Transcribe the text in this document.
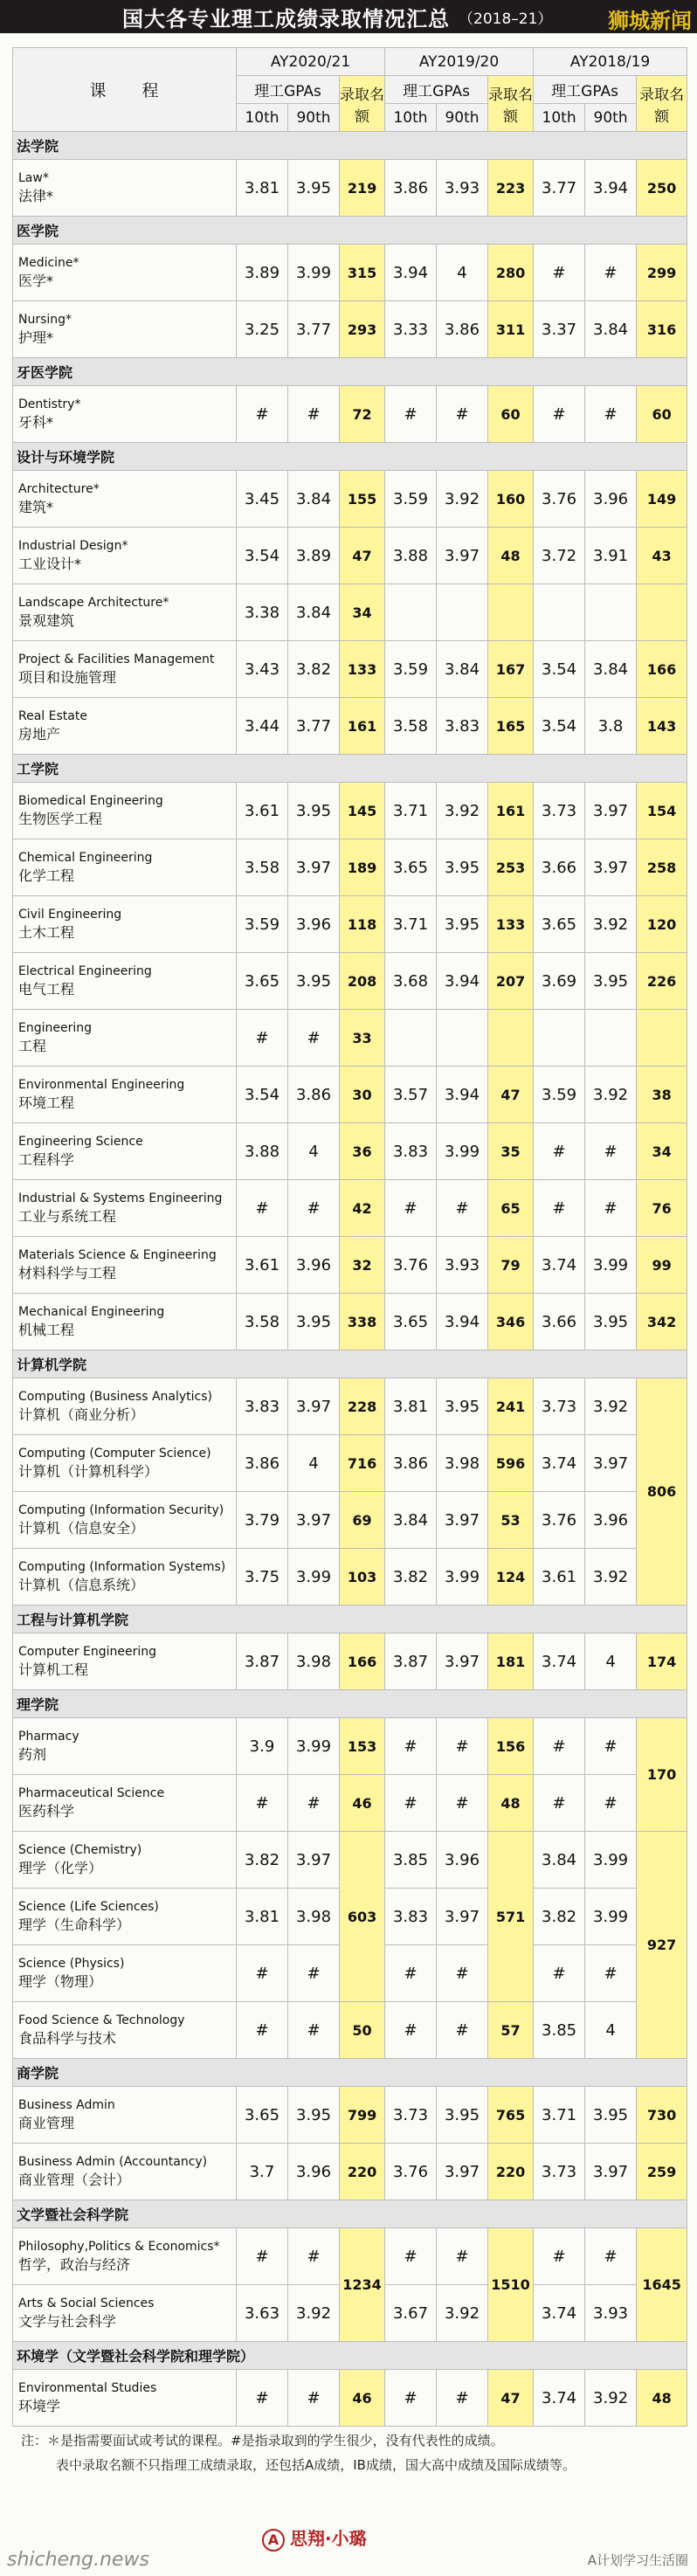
国大各专业理工成绩录取情况汇总 （2018–21）	狮城新闻
课　　程	AY2020/21			AY2019/20			AY2018/19		
	理工GPAs		录取名额	理工GPAs		录取名额	理工GPAs		录取名额
	10th	90th		10th	90th		10th	90th	
法学院									

Law*
法律*	3.81	3.95	219	3.86	3.93	223	3.77	3.94	250
医学院									

Medicine*
医学*	3.89	3.99	315	3.94	4	280	#	#	299

Nursing*
护理*	3.25	3.77	293	3.33	3.86	311	3.37	3.84	316
牙医学院									

Dentistry*
牙科*	#	#	72	#	#	60	#	#	60
设计与环境学院									

Architecture*
建筑*	3.45	3.84	155	3.59	3.92	160	3.76	3.96	149

Industrial Design*
工业设计*	3.54	3.89	47	3.88	3.97	48	3.72	3.91	43

Landscape Architecture*
景观建筑	3.38	3.84	34						

Project & Facilities Management
项目和设施管理	3.43	3.82	133	3.59	3.84	167	3.54	3.84	166

Real Estate
房地产	3.44	3.77	161	3.58	3.83	165	3.54	3.8	143
工学院									

Biomedical Engineering
生物医学工程	3.61	3.95	145	3.71	3.92	161	3.73	3.97	154

Chemical Engineering
化学工程	3.58	3.97	189	3.65	3.95	253	3.66	3.97	258

Civil Engineering
土木工程	3.59	3.96	118	3.71	3.95	133	3.65	3.92	120

Electrical Engineering
电气工程	3.65	3.95	208	3.68	3.94	207	3.69	3.95	226

Engineering
工程	#	#	33						

Environmental Engineering
环境工程	3.54	3.86	30	3.57	3.94	47	3.59	3.92	38

Engineering Science
工程科学	3.88	4	36	3.83	3.99	35	#	#	34

Industrial & Systems Engineering
工业与系统工程	#	#	42	#	#	65	#	#	76

Materials Science & Engineering
材料科学与工程	3.61	3.96	32	3.76	3.93	79	3.74	3.99	99

Mechanical Engineering
机械工程	3.58	3.95	338	3.65	3.94	346	3.66	3.95	342
计算机学院									

Computing (Business Analytics)
计算机（商业分析）	3.83	3.97	228	3.81	3.95	241	3.73	3.92	806

Computing (Computer Science)
计算机（计算机科学）	3.86	4	716	3.86	3.98	596	3.74	3.97	

Computing (Information Security)
计算机（信息安全）	3.79	3.97	69	3.84	3.97	53	3.76	3.96	

Computing (Information Systems)
计算机（信息系统）	3.75	3.99	103	3.82	3.99	124	3.61	3.92	
工程与计算机学院									

Computer Engineering
计算机工程	3.87	3.98	166	3.87	3.97	181	3.74	4	174
理学院									

Pharmacy
药剂	3.9	3.99	153	#	#	156	#	#	170

Pharmaceutical Science
医药科学	#	#	46	#	#	48	#	#	

Science (Chemistry)
理学（化学）	3.82	3.97	603	3.85	3.96	571	3.84	3.99	927

Science (Life Sciences)
理学（生命科学）	3.81	3.98		3.83	3.97		3.82	3.99	

Science (Physics)
理学（物理）	#	#		#	#		#	#	

Food Science & Technology
食品科学与技术	#	#	50	#	#	57	3.85	4	
商学院									

Business Admin
商业管理	3.65	3.95	799	3.73	3.95	765	3.71	3.95	730

Business Admin (Accountancy)
商业管理（会计）	3.7	3.96	220	3.76	3.97	220	3.73	3.97	259
文学暨社会科学院									

Philosophy,Politics & Economics*
哲学，政治与经济	#	#	1234	#	#	1510	#	#	1645

Arts & Social Sciences
文学与社会科学	3.63	3.92		3.67	3.92		3.74	3.93	
环境学（文学暨社会科学院和理学院）									

Environmental Studies
环境学	#	#	46	#	#	47	3.74	3.92	48
注：＊是指需要面试或考试的课程。#是指录取到的学生很少，没有代表性的成绩。
表中录取名额不只指理工成绩录取，还包括A成绩，IB成绩，国大高中成绩及国际成绩等。
A 思翔·小璐
shicheng.news	A计划学习生活圈
